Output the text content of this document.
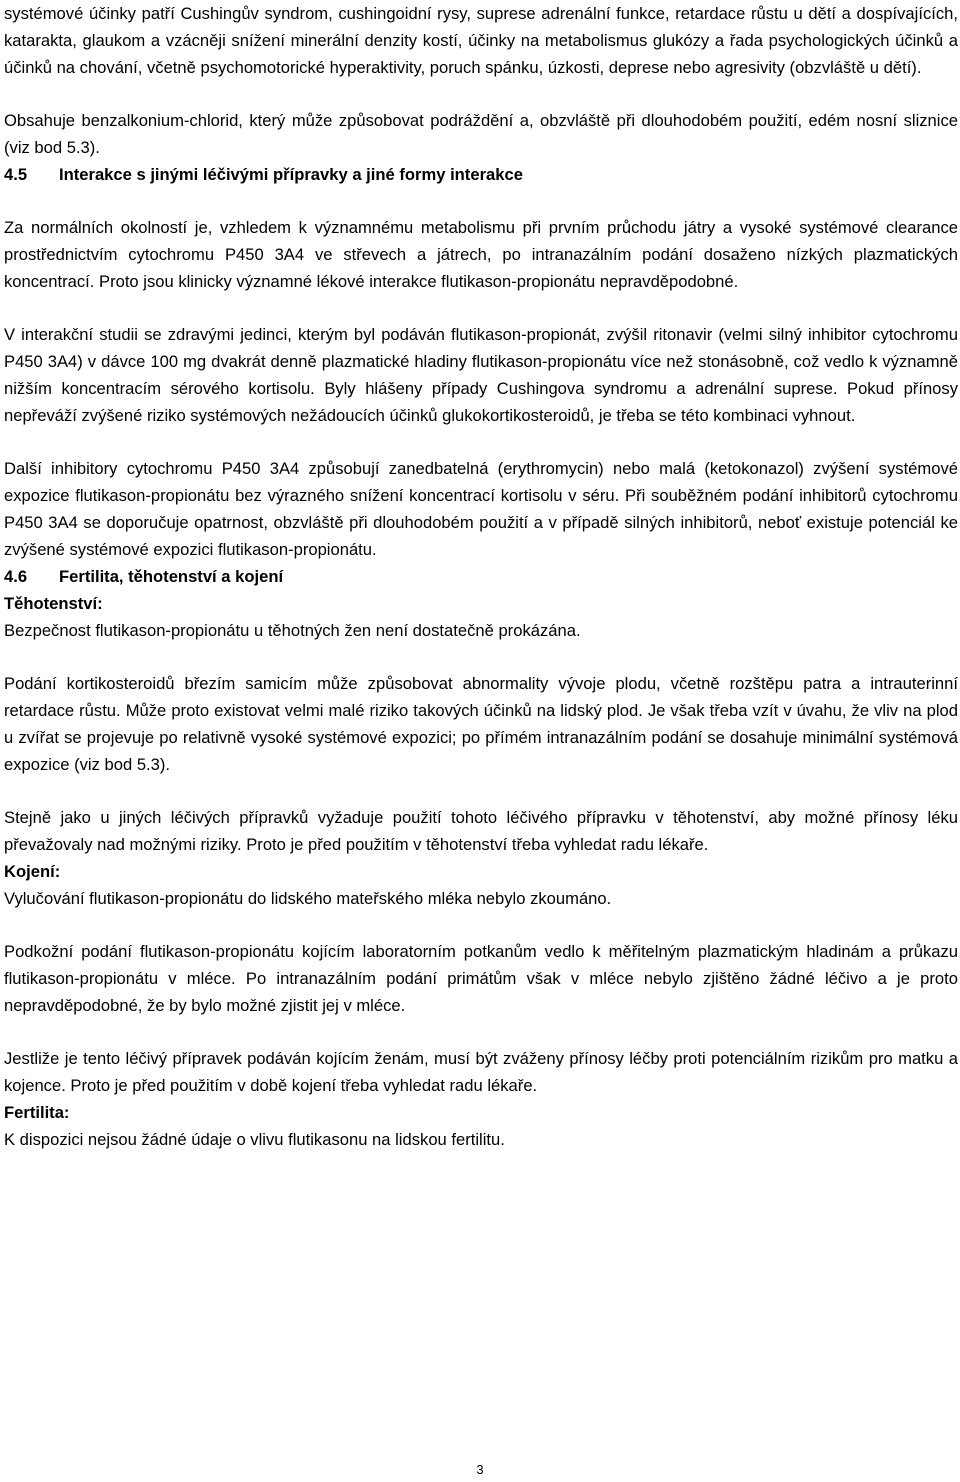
systémové účinky patří Cushingův syndrom, cushingoidní rysy, suprese adrenální funkce, retardace růstu u dětí a dospívajících, katarakta, glaukom a vzácněji snížení minerální denzity kostí, účinky na metabolismus glukózy a řada psychologických účinků a účinků na chování, včetně psychomotorické hyperaktivity, poruch spánku, úzkosti, deprese nebo agresivity (obzvláště u dětí).

Obsahuje benzalkonium-chlorid, který může způsobovat podráždění a, obzvláště při dlouhodobém použití, edém nosní sliznice (viz bod 5.3).

4.5 Interakce s jinými léčivými přípravky a jiné formy interakce

Za normálních okolností je, vzhledem k významnému metabolismu při prvním průchodu játry a vysoké systémové clearance prostřednictvím cytochromu P450 3A4 ve střevech a játrech, po intranazálním podání dosaženo nízkých plazmatických koncentrací. Proto jsou klinicky významné lékové interakce flutikason-propionátu nepravděpodobné.

V interakční studii se zdravými jedinci, kterým byl podáván flutikason-propionát, zvýšil ritonavir (velmi silný inhibitor cytochromu P450 3A4) v dávce 100 mg dvakrát denně plazmatické hladiny flutikason-propionátu více než stonásobně, což vedlo k významně nižším koncentracím sérového kortisolu. Byly hlášeny případy Cushingova syndromu a adrenální suprese. Pokud přínosy nepřeváží zvýšené riziko systémových nežádoucích účinků glukokortikosteroidů, je třeba se této kombinaci vyhnout.

Další inhibitory cytochromu P450 3A4 způsobují zanedbatelná (erythromycin) nebo malá (ketokonazol) zvýšení systémové expozice flutikason-propionátu bez výrazného snížení koncentrací kortisolu v séru. Při souběžném podání inhibitorů cytochromu P450 3A4 se doporučuje opatrnost, obzvláště při dlouhodobém použití a v případě silných inhibitorů, neboť existuje potenciál ke zvýšené systémové expozici flutikason-propionátu.

4.6 Fertilita, těhotenství a kojení
Těhotenství:

Bezpečnost flutikason-propionátu u těhotných žen není dostatečně prokázána.

Podání kortikosteroidů březím samicím může způsobovat abnormality vývoje plodu, včetně rozštěpu patra a intrauterinní retardace růstu. Může proto existovat velmi malé riziko takových účinků na lidský plod. Je však třeba vzít v úvahu, že vliv na plod u zvířat se projevuje po relativně vysoké systémové expozici; po přímém intranazálním podání se dosahuje minimální systémová expozice (viz bod 5.3).

Stejně jako u jiných léčivých přípravků vyžaduje použití tohoto léčivého přípravku v těhotenství, aby možné přínosy léku převažovaly nad možnými riziky. Proto je před použitím v těhotenství třeba vyhledat radu lékaře.

Kojení:

Vylučování flutikason-propionátu do lidského mateřského mléka nebylo zkoumáno.

Podkožní podání flutikason-propionátu kojícím laboratorním potkanům vedlo k měřitelným plazmatickým hladinám a průkazu flutikason-propionátu v mléce. Po intranazálním podání primátům však v mléce nebylo zjištěno žádné léčivo a je proto nepravděpodobné, že by bylo možné zjistit jej v mléce.

Jestliže je tento léčivý přípravek podáván kojícím ženám, musí být zváženy přínosy léčby proti potenciálním rizikům pro matku a kojence. Proto je před použitím v době kojení třeba vyhledat radu lékaře.

Fertilita:

K dispozici nejsou žádné údaje o vlivu flutikasonu na lidskou fertilitu.

3
